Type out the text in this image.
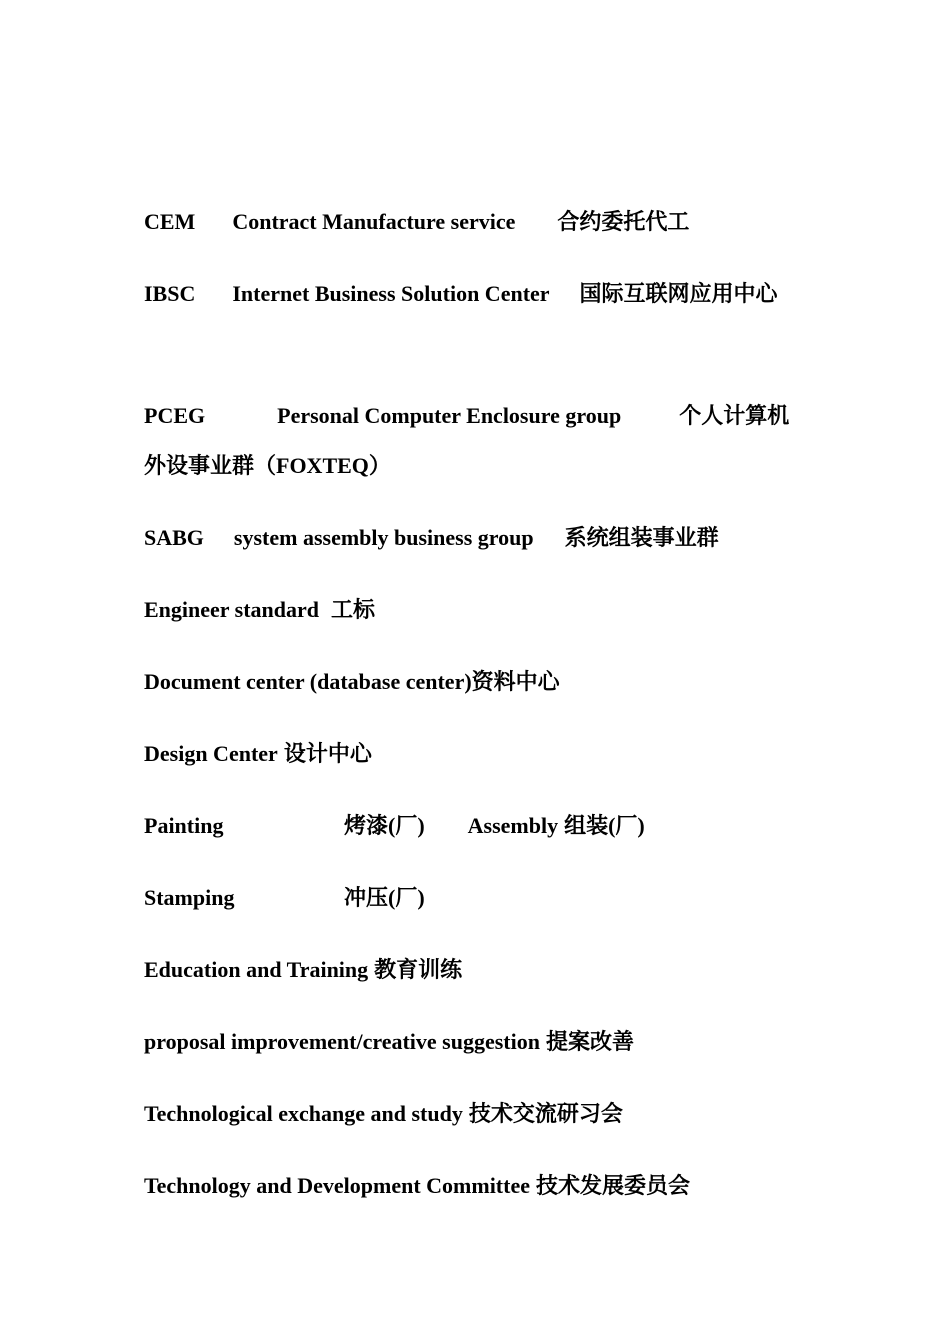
CEM Contract Manufacture service 合约委托代工
IBSC Internet Business Solution Center 国际互联网应用中心
PCEG	Personal Computer Enclosure group	个人计算机外设事业群（FOXTEQ）
SABG system assembly business group 系统组装事业群
Engineer standard 工标
Document center (database center)资料中心
Design Center 设计中心
Painting	烤漆(厂) Assembly 组装(厂)
Stamping	冲压(厂)
Education and Training 教育训练
proposal improvement/creative suggestion 提案改善
Technological exchange and study 技术交流研习会
Technology and Development Committee 技术发展委员会
